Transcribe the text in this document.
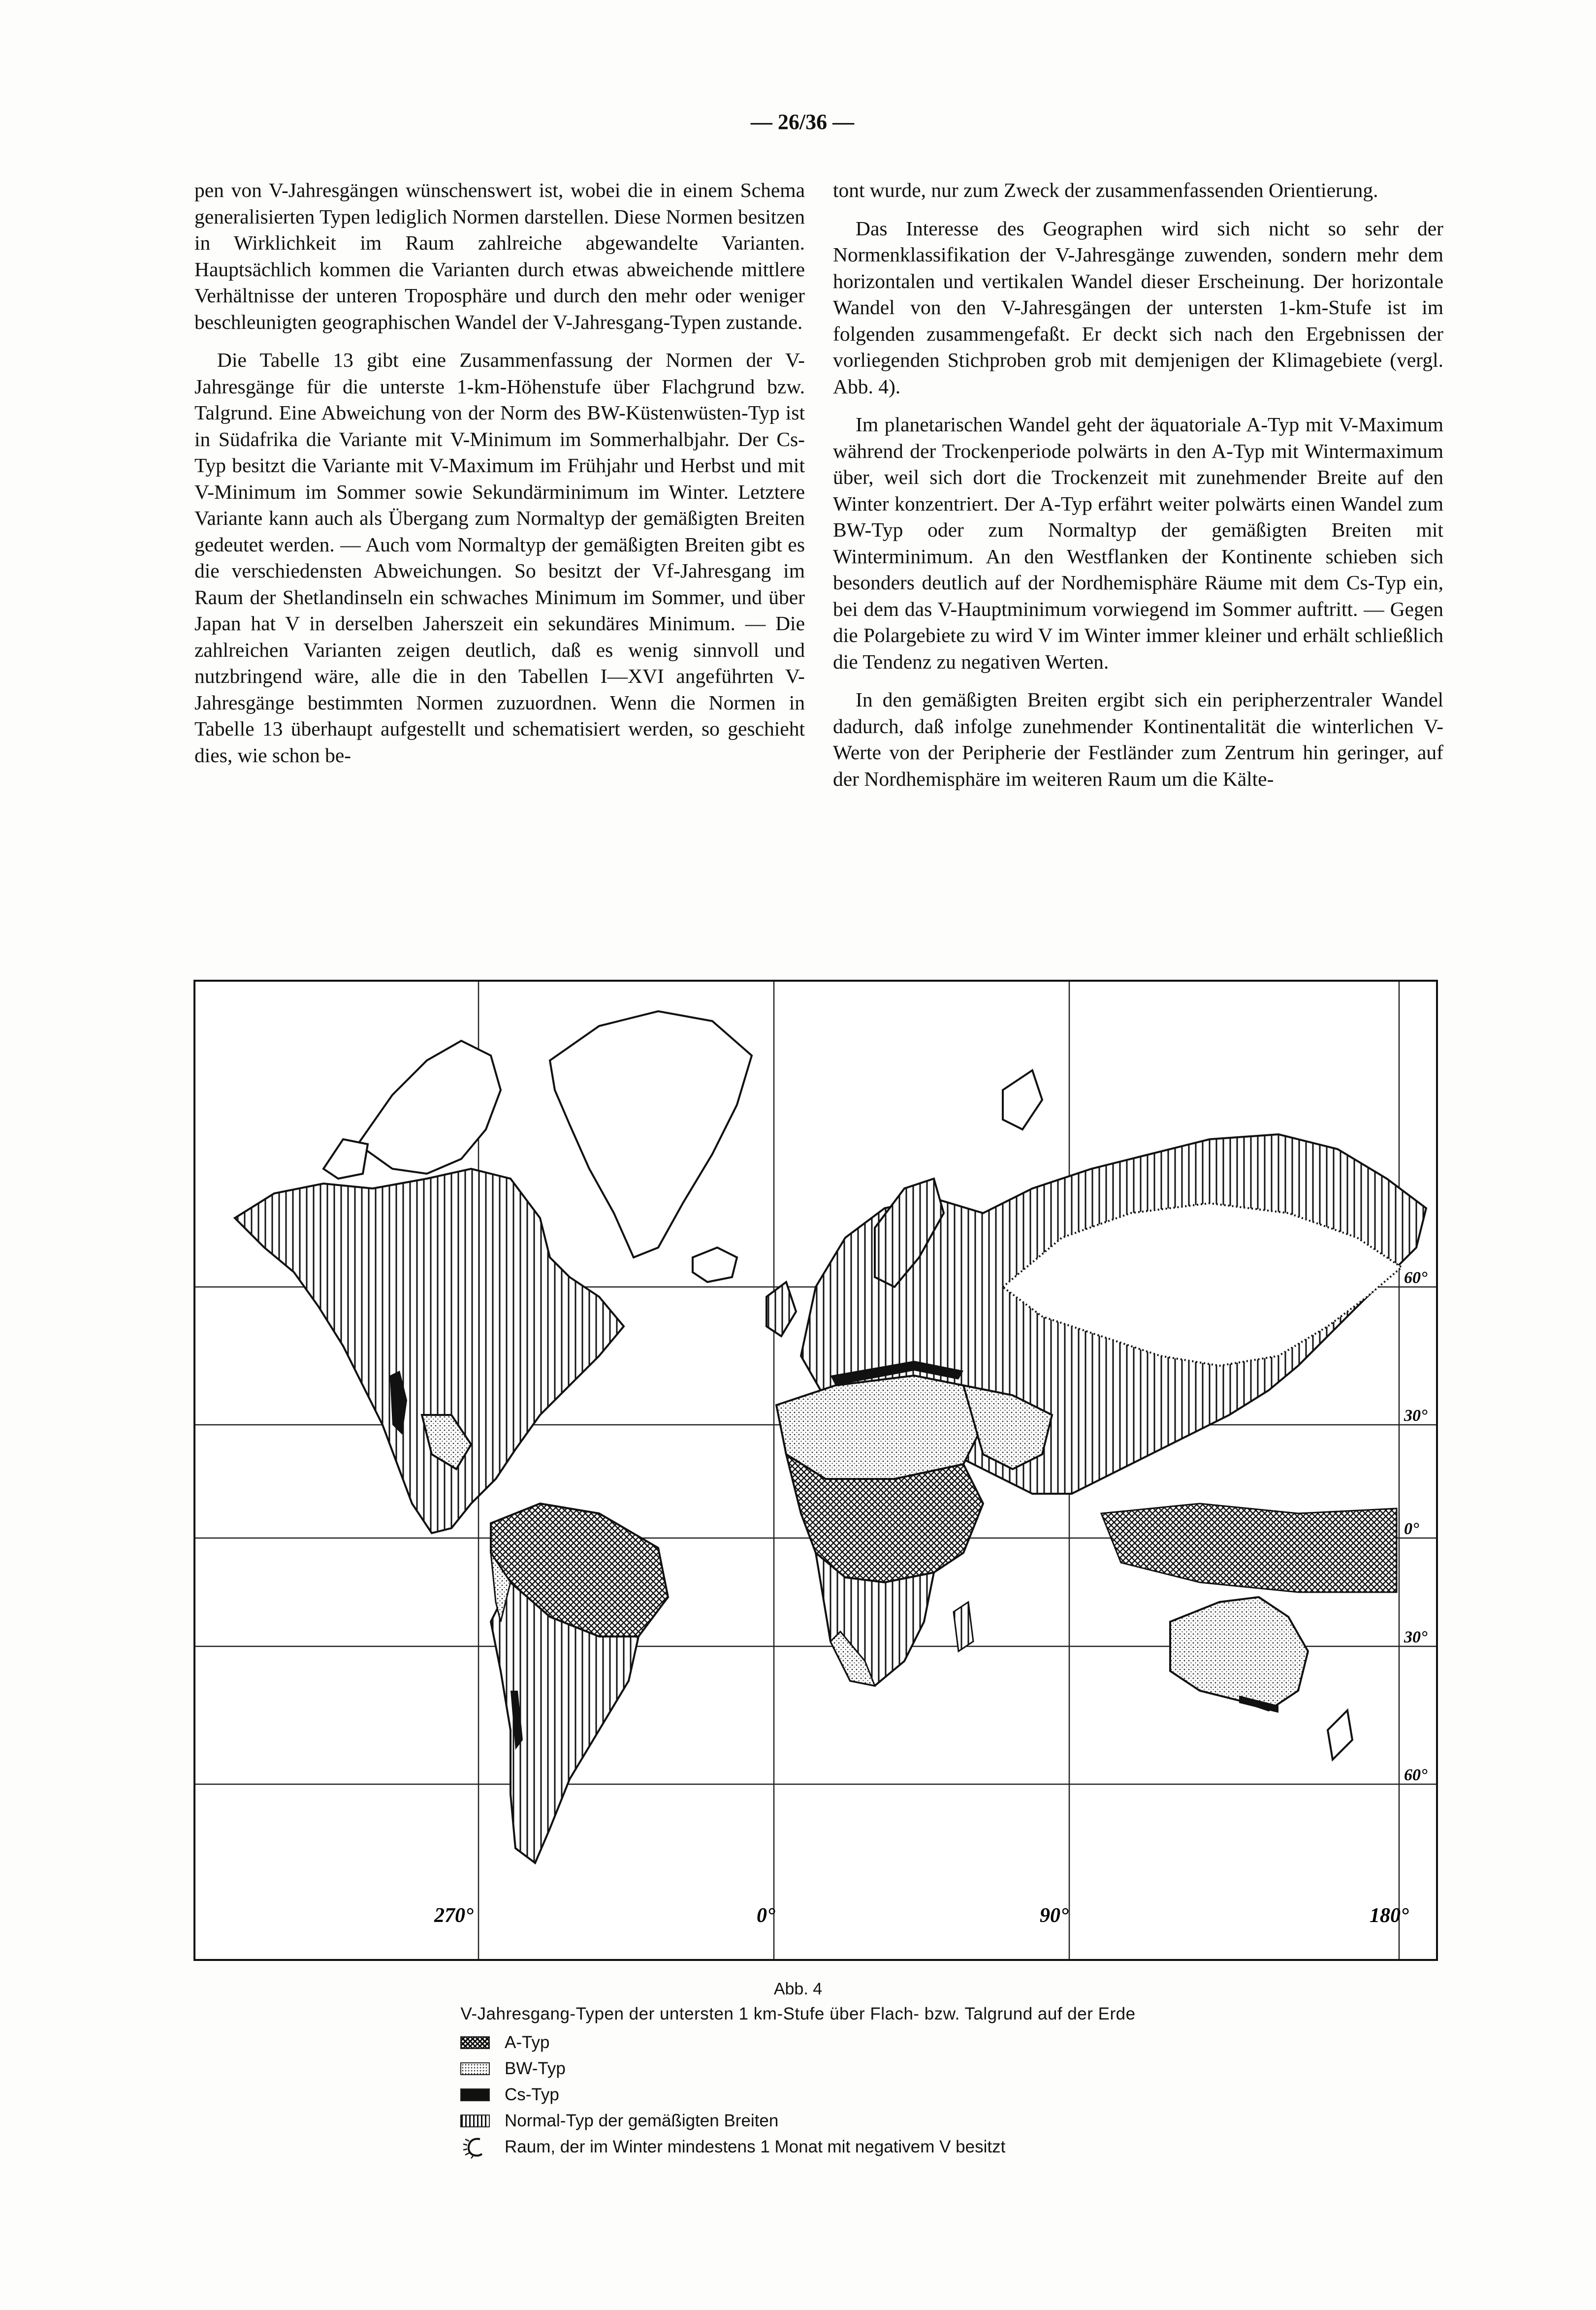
— 26/36 —

pen von V-Jahresgängen wünschenswert ist, wobei die in einem Schema generalisierten Typen lediglich Normen darstellen. Diese Normen besitzen in Wirklichkeit im Raum zahlreiche abgewandelte Varianten. Hauptsächlich kommen die Varianten durch etwas abweichende mittlere Verhältnisse der unteren Troposphäre und durch den mehr oder weniger beschleunigten geographischen Wandel der V-Jahresgang-Typen zustande.

Die Tabelle 13 gibt eine Zusammenfassung der Normen der V-Jahresgänge für die unterste 1-km-Höhenstufe über Flachgrund bzw. Talgrund. Eine Abweichung von der Norm des BW-Küstenwüsten-Typ ist in Südafrika die Variante mit V-Minimum im Sommerhalbjahr. Der Cs-Typ besitzt die Variante mit V-Maximum im Frühjahr und Herbst und mit V-Minimum im Sommer sowie Sekundärminimum im Winter. Letztere Variante kann auch als Übergang zum Normaltyp der gemäßigten Breiten gedeutet werden. — Auch vom Normaltyp der gemäßigten Breiten gibt es die verschiedensten Abweichungen. So besitzt der Vf-Jahresgang im Raum der Shetlandinseln ein schwaches Minimum im Sommer, und über Japan hat V in derselben Jaherszeit ein sekundäres Minimum. — Die zahlreichen Varianten zeigen deutlich, daß es wenig sinnvoll und nutzbringend wäre, alle die in den Tabellen I—XVI angeführten V-Jahresgänge bestimmten Normen zuzuordnen. Wenn die Normen in Tabelle 13 überhaupt aufgestellt und schematisiert werden, so geschieht dies, wie schon be-

tont wurde, nur zum Zweck der zusammenfassenden Orientierung.

Das Interesse des Geographen wird sich nicht so sehr der Normenklassifikation der V-Jahresgänge zuwenden, sondern mehr dem horizontalen und vertikalen Wandel dieser Erscheinung. Der horizontale Wandel von den V-Jahresgängen der untersten 1-km-Stufe ist im folgenden zusammengefaßt. Er deckt sich nach den Ergebnissen der vorliegenden Stichproben grob mit demjenigen der Klimagebiete (vergl. Abb. 4).

Im planetarischen Wandel geht der äquatoriale A-Typ mit V-Maximum während der Trockenperiode polwärts in den A-Typ mit Wintermaximum über, weil sich dort die Trockenzeit mit zunehmender Breite auf den Winter konzentriert. Der A-Typ erfährt weiter polwärts einen Wandel zum BW-Typ oder zum Normaltyp der gemäßigten Breiten mit Winterminimum. An den Westflanken der Kontinente schieben sich besonders deutlich auf der Nordhemisphäre Räume mit dem Cs-Typ ein, bei dem das V-Hauptminimum vorwiegend im Sommer auftritt. — Gegen die Polargebiete zu wird V im Winter immer kleiner und erhält schließlich die Tendenz zu negativen Werten.

In den gemäßigten Breiten ergibt sich ein peripherzentraler Wandel dadurch, daß infolge zunehmender Kontinentalität die winterlichen V-Werte von der Peripherie der Festländer zum Zentrum hin geringer, auf der Nordhemisphäre im weiteren Raum um die Kälte-

60°
30°
0°
30°
60°
270°	0°	90°	180°
Abb. 4
V-Jahresgang-Typen der untersten 1 km-Stufe über Flach- bzw. Talgrund auf der Erde
A-Typ
BW-Typ
Cs-Typ
Normal-Typ der gemäßigten Breiten
Raum, der im Winter mindestens 1 Monat mit negativem V besitzt
